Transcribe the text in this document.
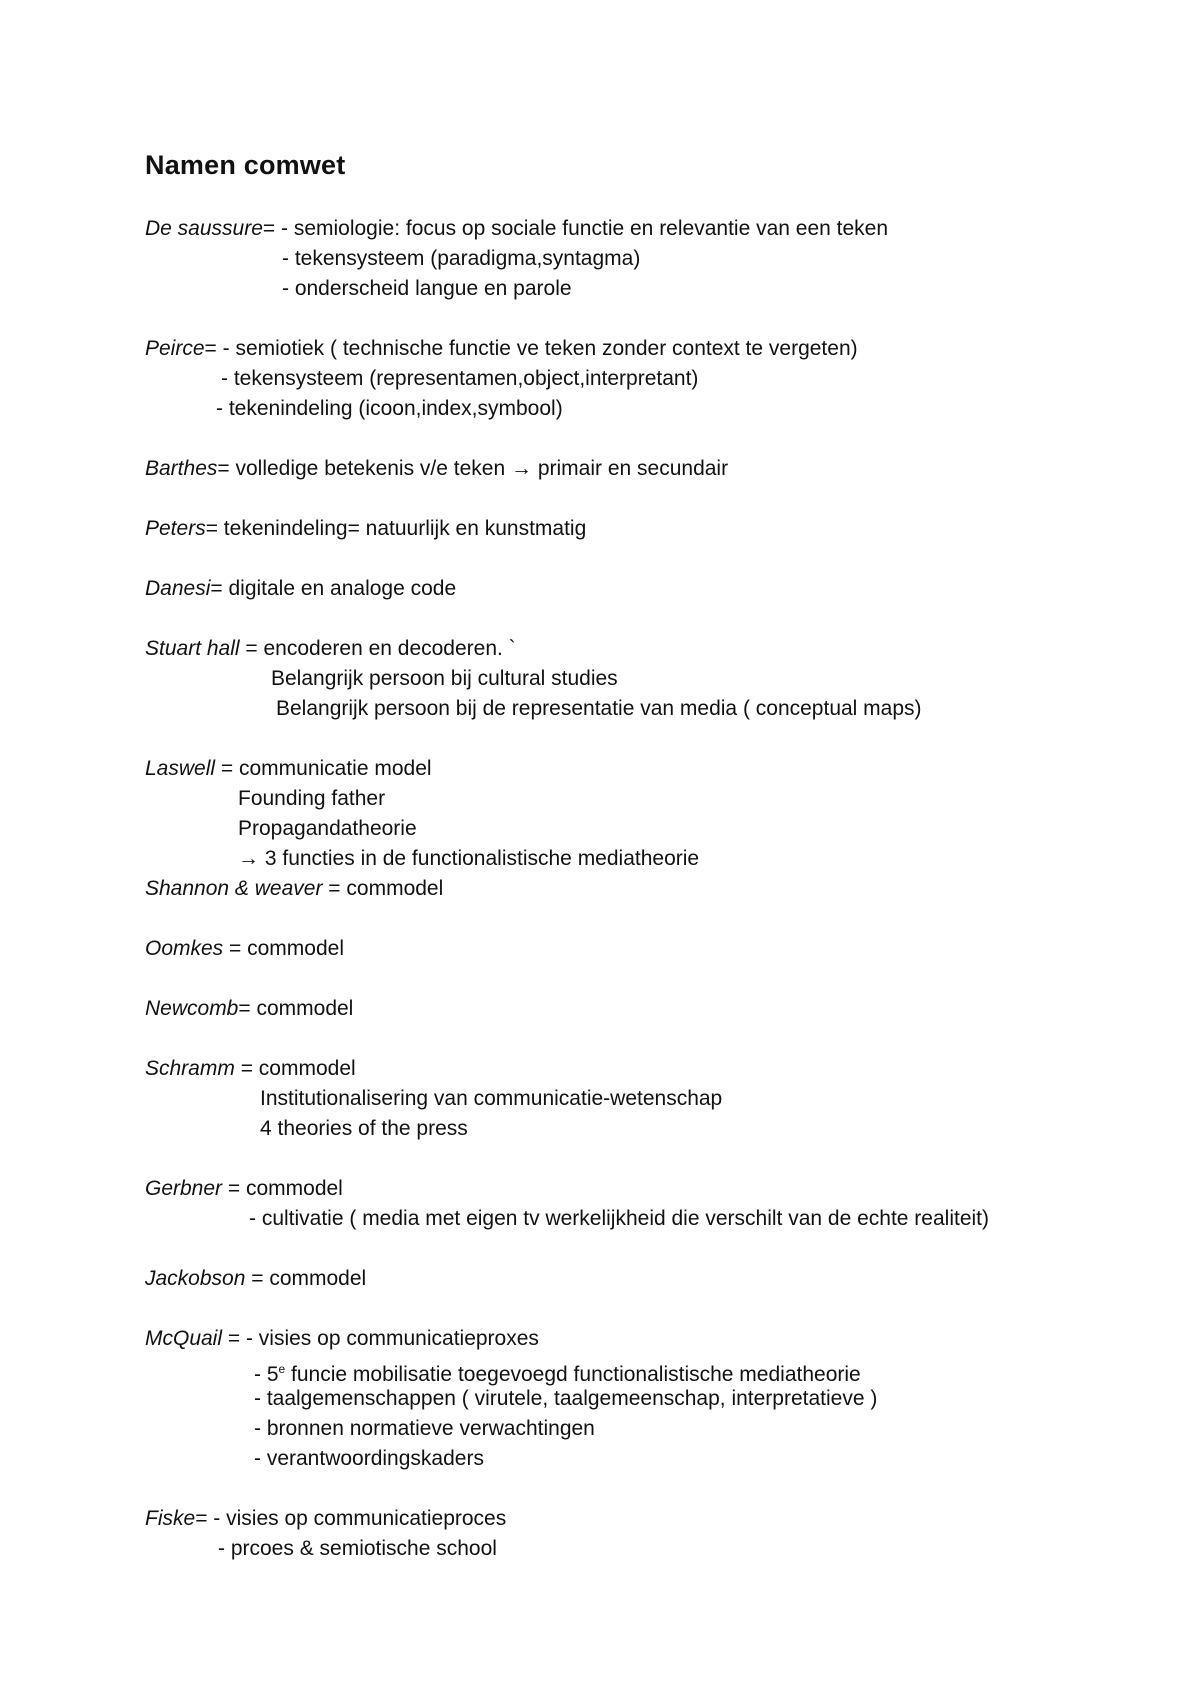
Namen comwet
De saussure= - semiologie: focus op sociale functie en relevantie van een teken
- tekensysteem (paradigma,syntagma)
- onderscheid langue en parole
Peirce= - semiotiek ( technische functie ve teken zonder context te vergeten)
- tekensysteem (representamen,object,interpretant)
- tekenindeling (icoon,index,symbool)
Barthes= volledige betekenis v/e teken → primair en secundair
Peters= tekenindeling= natuurlijk en kunstmatig
Danesi= digitale en analoge code
Stuart hall = encoderen en decoderen. `
Belangrijk persoon bij cultural studies
Belangrijk persoon bij de representatie van media ( conceptual maps)
Laswell = communicatie model
Founding father
Propagandatheorie
→ 3 functies in de functionalistische mediatheorie
Shannon & weaver = commodel
Oomkes = commodel
Newcomb= commodel
Schramm = commodel
Institutionalisering van communicatie-wetenschap
4 theories of the press
Gerbner = commodel
- cultivatie ( media met eigen tv werkelijkheid die verschilt van de echte realiteit)
Jackobson = commodel
McQuail = - visies op communicatieproxes
- 5e funcie mobilisatie toegevoegd functionalistische mediatheorie
- taalgemenschappen ( virutele, taalgemeenschap, interpretatieve )
- bronnen normatieve verwachtingen
- verantwoordingskaders
Fiske= - visies op communicatieproces
- prcoes & semiotische school
